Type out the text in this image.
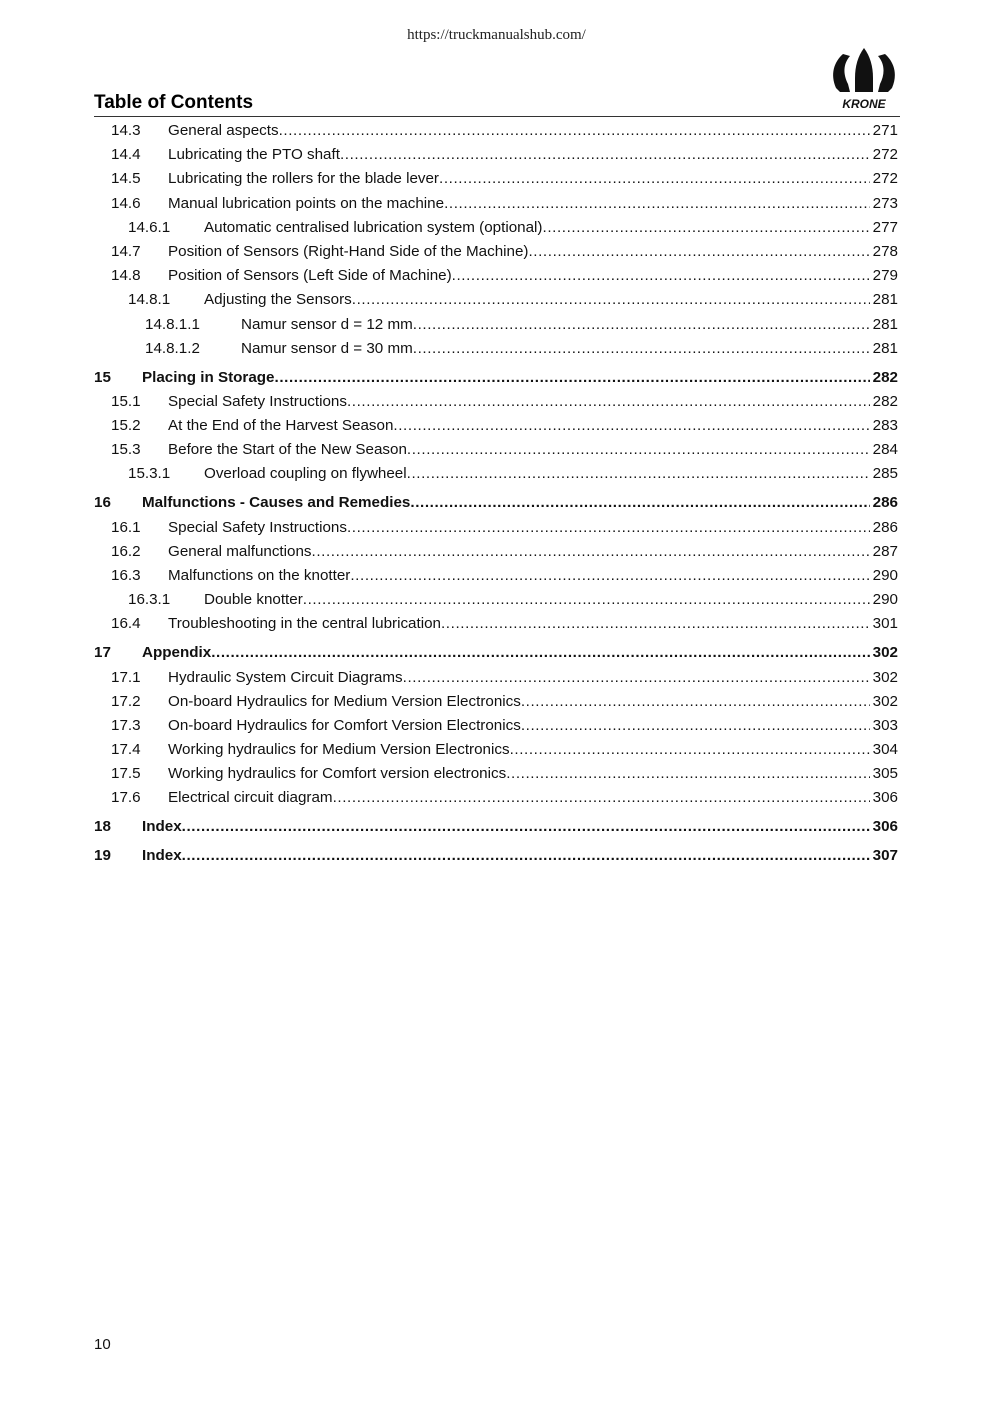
https://truckmanualshub.com/
KRONE
Table of Contents
14.3 General aspects .....	271
14.4 Lubricating the PTO shaft .....	272
14.5 Lubricating the rollers for the blade lever .....	272
14.6 Manual lubrication points on the machine .....	273
14.6.1 Automatic centralised lubrication system (optional) .....	277
14.7 Position of Sensors (Right-Hand Side of the Machine) .....	278
14.8 Position of Sensors (Left Side of Machine) .....	279
14.8.1 Adjusting the Sensors .....	281
14.8.1.1	Namur sensor d = 12 mm .....	281
14.8.1.2	Namur sensor d = 30 mm .....	281
15 Placing in Storage .....	282
15.1 Special Safety Instructions .....	282
15.2 At the End of the Harvest Season .....	283
15.3 Before the Start of the New Season .....	284
15.3.1 Overload coupling on flywheel .....	285
16 Malfunctions - Causes and Remedies .....	286
16.1 Special Safety Instructions .....	286
16.2 General malfunctions .....	287
16.3 Malfunctions on the knotter .....	290
16.3.1 Double knotter .....	290
16.4 Troubleshooting in the central lubrication .....	301
17 Appendix .....	302
17.1 Hydraulic System Circuit Diagrams .....	302
17.2 On-board Hydraulics for Medium Version Electronics .....	302
17.3 On-board Hydraulics for Comfort Version Electronics .....	303
17.4 Working hydraulics for Medium Version Electronics .....	304
17.5 Working hydraulics for Comfort version electronics .....	305
17.6 Electrical circuit diagram .....	306
18 Index .....	306
19 Index .....	307
10
